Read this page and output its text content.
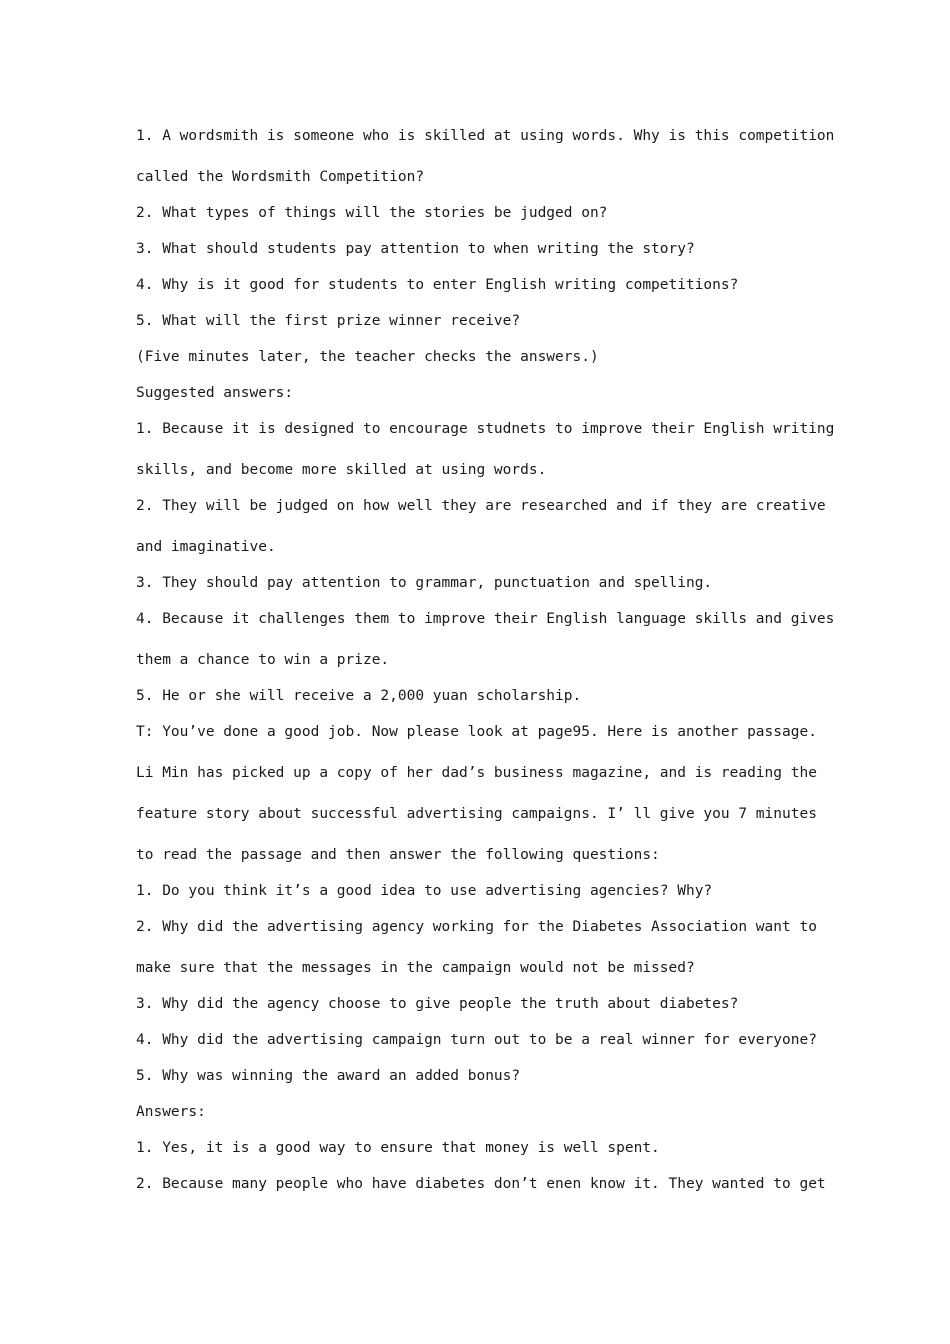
1. A wordsmith is someone who is skilled at using words. Why is this competition
called the Wordsmith Competition?
2. What types of things will the stories be judged on?
3. What should students pay attention to when writing the story?
4. Why is it good for students to enter English writing competitions?
5. What will the first prize winner receive?
(Five minutes later, the teacher checks the answers.)
Suggested answers:
1. Because it is designed to encourage studnets to improve their English writing
skills, and become more skilled at using words.
2. They will be judged on how well they are researched and if they are creative
and imaginative.
3. They should pay attention to grammar, punctuation and spelling.
4. Because it challenges them to improve their English language skills and gives
them a chance to win a prize.
5. He or she will receive a 2,000 yuan scholarship.
T: You’ve done a good job. Now please look at page95. Here is another passage.
Li Min has picked up a copy of her dad’s business magazine, and is reading the
feature story about successful advertising campaigns. I’ ll give you 7 minutes
to read the passage and then answer the following questions:
1. Do you think it’s a good idea to use advertising agencies? Why?
2. Why did the advertising agency working for the Diabetes Association want to
make sure that the messages in the campaign would not be missed?
3. Why did the agency choose to give people the truth about diabetes?
4. Why did the advertising campaign turn out to be a real winner for everyone?
5. Why was winning the award an added bonus?
Answers:
1. Yes, it is a good way to ensure that money is well spent.
2. Because many people who have diabetes don’t enen know it. They wanted to get
